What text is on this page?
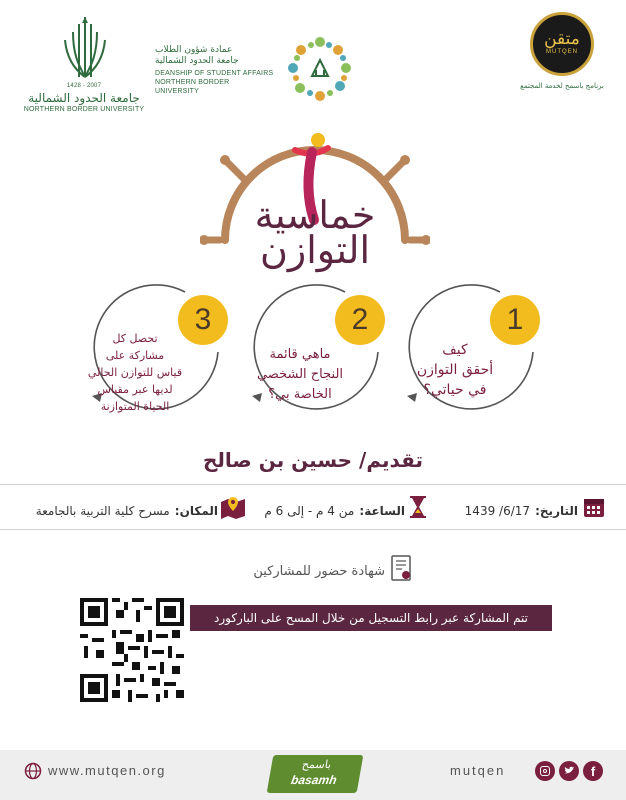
1428 - 2007
جامعة الحدود الشمالية
NORTHERN BORDER UNIVERSITY
عمادة شؤون الطلاب
جامعة الحدود الشمالية
DEANSHIP OF STUDENT AFFAIRS
NORTHERN BORDER UNIVERSITY
متقن
MUTQEN
برنامج باسمح لخدمة المجتمع
خماسية
التوازن
1
كيف
أحقق التوازن
في حياتي؟
2
ماهي قائمة
النجاح الشخصي
الخاصة بي؟
3
تحصل كل
مشاركة على
قياس للتوازن الحالي
لديها عبر مقياس
الحياة المتوازنة
تقديم/ حسين بن صالح
التاريخ: 1439 /6/17
الساعة: من 4 م - إلى 6 م
المكان: مسرح كلية التربية بالجامعة
شهادة حضور للمشاركين
تتم المشاركة عبر رابط التسجيل من خلال المسح على الباركورد
www.mutqen.org	باسمح
basamh
mutqen	f
